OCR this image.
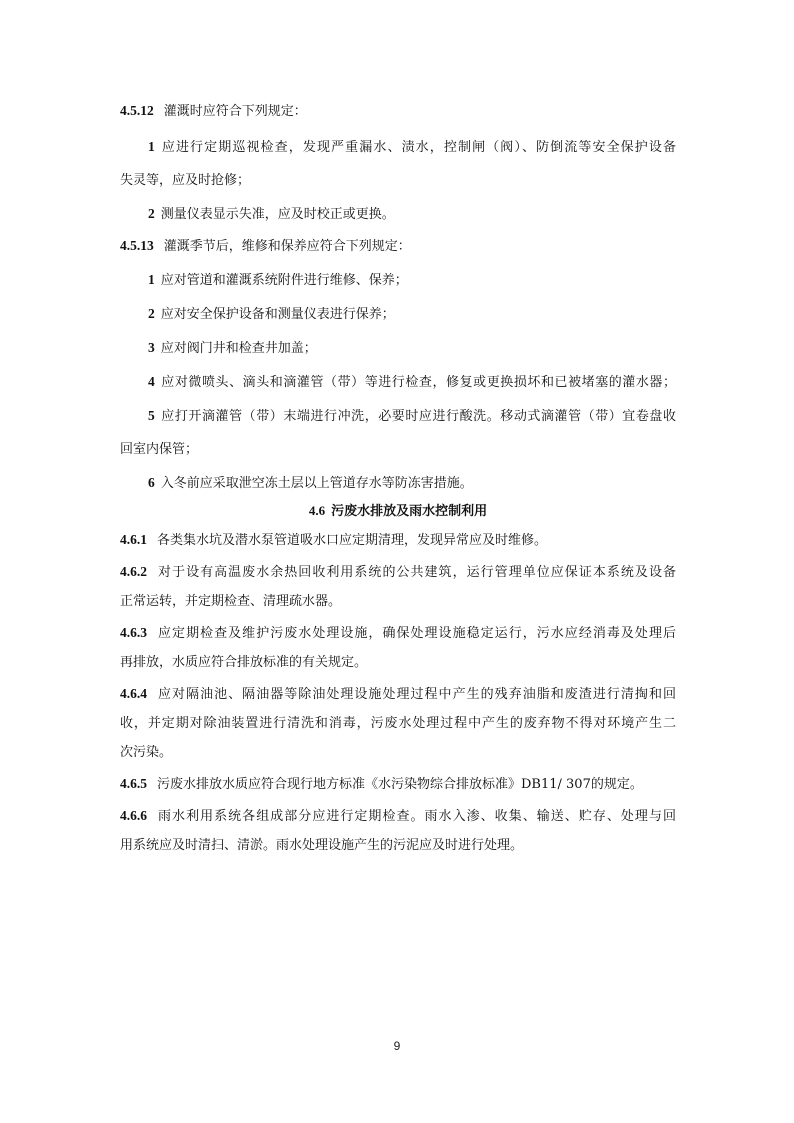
4.5.12 灌溉时应符合下列规定：
1 应进行定期巡视检查，发现严重漏水、渍水，控制闸（阀）、防倒流等安全保护设备
失灵等，应及时抢修；
2 测量仪表显示失准，应及时校正或更换。
4.5.13 灌溉季节后，维修和保养应符合下列规定：
1 应对管道和灌溉系统附件进行维修、保养；
2 应对安全保护设备和测量仪表进行保养；
3 应对阀门井和检查井加盖；
4 应对微喷头、滴头和滴灌管（带）等进行检查，修复或更换损坏和已被堵塞的灌水器；
5 应打开滴灌管（带）末端进行冲洗，必要时应进行酸洗。移动式滴灌管（带）宜卷盘收
回室内保管；
6 入冬前应采取泄空冻土层以上管道存水等防冻害措施。
4.6 污废水排放及雨水控制利用
4.6.1 各类集水坑及潜水泵管道吸水口应定期清理，发现异常应及时维修。
4.6.2 对于设有高温废水余热回收利用系统的公共建筑，运行管理单位应保证本系统及设备
正常运转，并定期检查、清理疏水器。
4.6.3 应定期检查及维护污废水处理设施，确保处理设施稳定运行，污水应经消毒及处理后
再排放，水质应符合排放标准的有关规定。
4.6.4 应对隔油池、隔油器等除油处理设施处理过程中产生的残弃油脂和废渣进行清掏和回
收，并定期对除油装置进行清洗和消毒，污废水处理过程中产生的废弃物不得对环境产生二
次污染。
4.6.5 污废水排放水质应符合现行地方标准《水污染物综合排放标准》DB11/ 307的规定。
4.6.6 雨水利用系统各组成部分应进行定期检查。雨水入渗、收集、输送、贮存、处理与回
用系统应及时清扫、清淤。雨水处理设施产生的污泥应及时进行处理。
9
